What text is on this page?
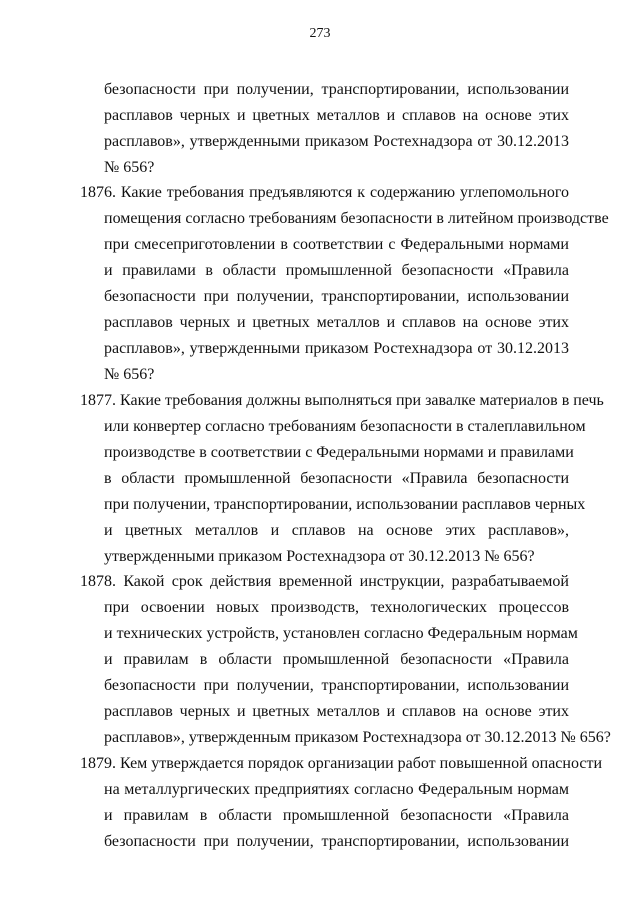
273
безопасности при получении, транспортировании, использовании
расплавов черных и цветных металлов и сплавов на основе этих
расплавов», утвержденными приказом Ростехнадзора от 30.12.2013
№ 656?
1876. Какие требования предъявляются к содержанию углепомольного
помещения согласно требованиям безопасности в литейном производстве
при смесеприготовлении в соответствии с Федеральными нормами
и правилами в области промышленной безопасности «Правила
безопасности при получении, транспортировании, использовании
расплавов черных и цветных металлов и сплавов на основе этих
расплавов», утвержденными приказом Ростехнадзора от 30.12.2013
№ 656?
1877. Какие требования должны выполняться при завалке материалов в печь
или конвертер согласно требованиям безопасности в сталеплавильном
производстве в соответствии с Федеральными нормами и правилами
в области промышленной безопасности «Правила безопасности
при получении, транспортировании, использовании расплавов черных
и цветных металлов и сплавов на основе этих расплавов»,
утвержденными приказом Ростехнадзора от 30.12.2013 № 656?
1878. Какой срок действия временной инструкции, разрабатываемой
при освоении новых производств, технологических процессов
и технических устройств, установлен согласно Федеральным нормам
и правилам в области промышленной безопасности «Правила
безопасности при получении, транспортировании, использовании
расплавов черных и цветных металлов и сплавов на основе этих
расплавов», утвержденным приказом Ростехнадзора от 30.12.2013 № 656?
1879. Кем утверждается порядок организации работ повышенной опасности
на металлургических предприятиях согласно Федеральным нормам
и правилам в области промышленной безопасности «Правила
безопасности при получении, транспортировании, использовании
